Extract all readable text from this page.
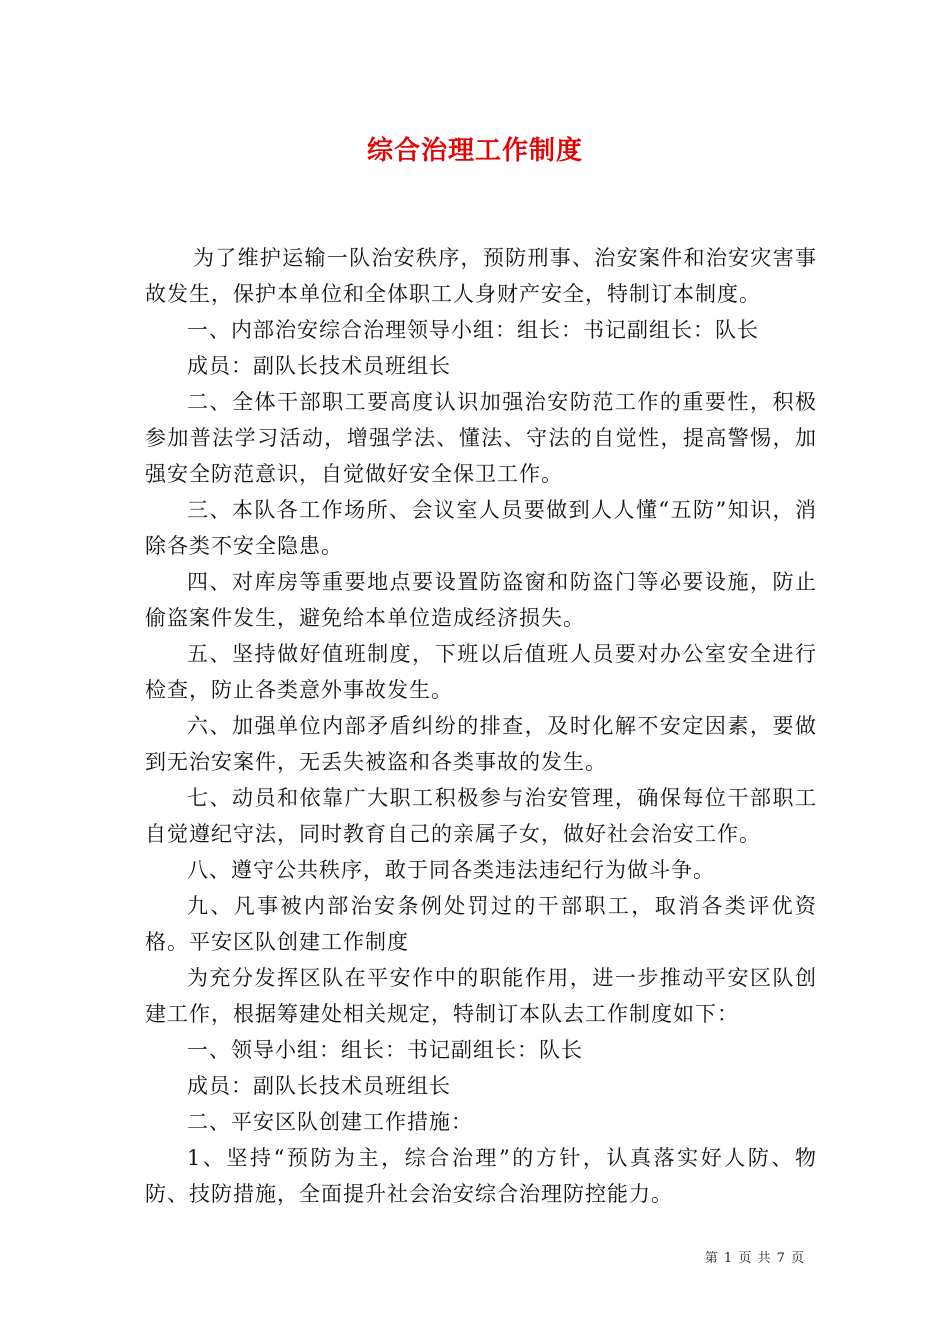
综合治理工作制度

为了维护运输一队治安秩序，预防刑事、治安案件和治安灾害事故发生，保护本单位和全体职工人身财产安全，特制订本制度。

一、内部治安综合治理领导小组：组长：书记副组长：队长

成员：副队长技术员班组长

二、全体干部职工要高度认识加强治安防范工作的重要性，积极参加普法学习活动，增强学法、懂法、守法的自觉性，提高警惕，加强安全防范意识，自觉做好安全保卫工作。

三、本队各工作场所、会议室人员要做到人人懂“五防”知识，消除各类不安全隐患。

四、对库房等重要地点要设置防盗窗和防盗门等必要设施，防止偷盗案件发生，避免给本单位造成经济损失。

五、坚持做好值班制度，下班以后值班人员要对办公室安全进行检查，防止各类意外事故发生。

六、加强单位内部矛盾纠纷的排查，及时化解不安定因素，要做到无治安案件，无丢失被盗和各类事故的发生。

七、动员和依靠广大职工积极参与治安管理，确保每位干部职工自觉遵纪守法，同时教育自己的亲属子女，做好社会治安工作。

八、遵守公共秩序，敢于同各类违法违纪行为做斗争。

九、凡事被内部治安条例处罚过的干部职工，取消各类评优资格。平安区队创建工作制度

为充分发挥区队在平安作中的职能作用，进一步推动平安区队创建工作，根据筹建处相关规定，特制订本队去工作制度如下：

一、领导小组：组长：书记副组长：队长

成员：副队长技术员班组长

二、平安区队创建工作措施：

1、坚持“预防为主，综合治理”的方针，认真落实好人防、物防、技防措施，全面提升社会治安综合治理防控能力。

第 1 页 共 7 页
